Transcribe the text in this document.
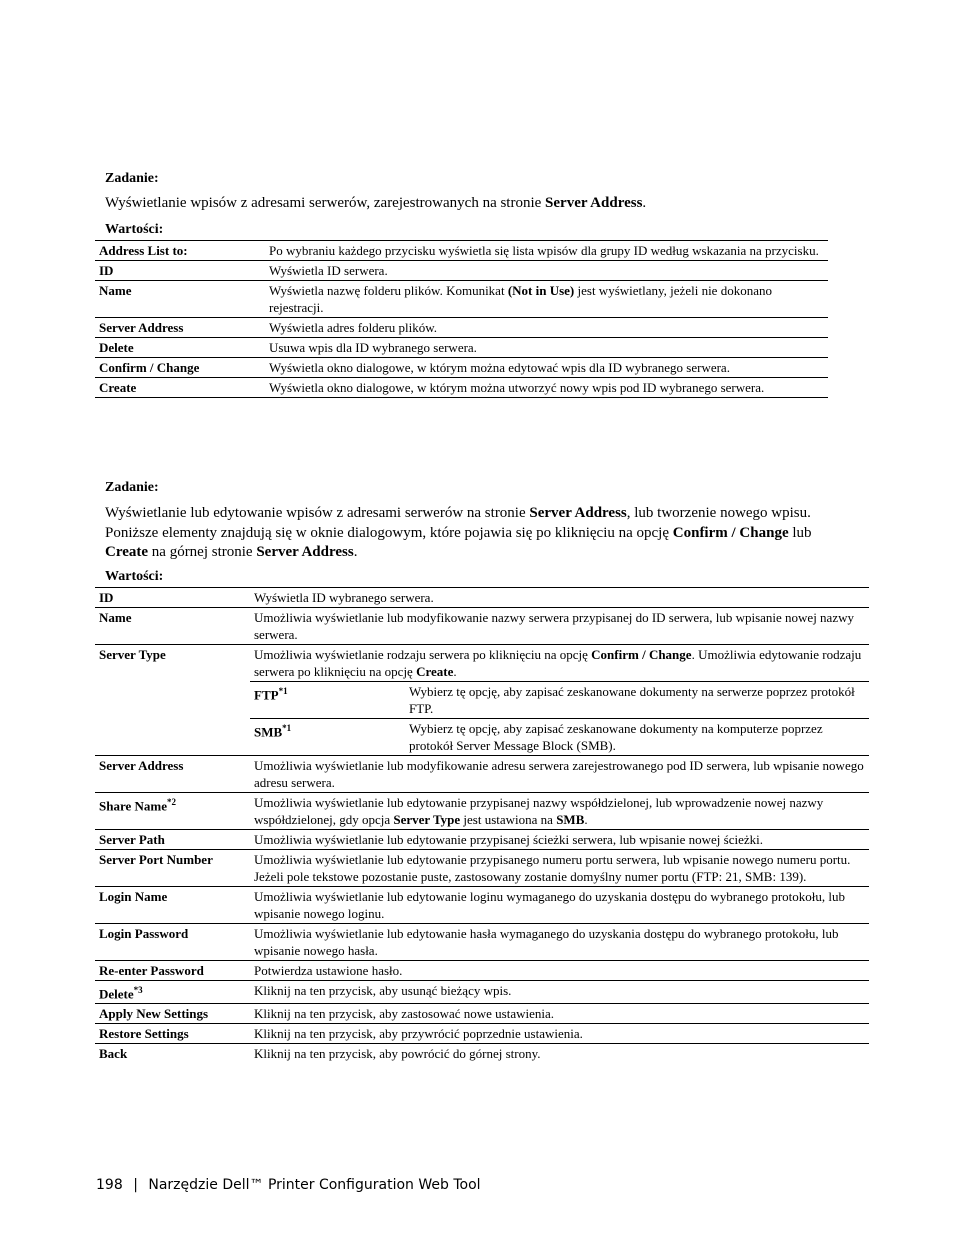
Zadanie:
Wyświetlanie wpisów z adresami serwerów, zarejestrowanych na stronie Server Address.
Wartości:
Address List to:	Po wybraniu każdego przycisku wyświetla się lista wpisów dla grupy ID według wskazania na przycisku.
ID	Wyświetla ID serwera.
Name	Wyświetla nazwę folderu plików. Komunikat (Not in Use) jest wyświetlany, jeżeli nie dokonano rejestracji.
Server Address	Wyświetla adres folderu plików.
Delete	Usuwa wpis dla ID wybranego serwera.
Confirm / Change	Wyświetla okno dialogowe, w którym można edytować wpis dla ID wybranego serwera.
Create	Wyświetla okno dialogowe, w którym można utworzyć nowy wpis pod ID wybranego serwera.
Zadanie:
Wyświetlanie lub edytowanie wpisów z adresami serwerów na stronie Server Address, lub tworzenie nowego wpisu. Poniższe elementy znajdują się w oknie dialogowym, które pojawia się po kliknięciu na opcję Confirm / Change lub Create na górnej stronie Server Address.
Wartości:
ID	Wyświetla ID wybranego serwera.
Name	Umożliwia wyświetlanie lub modyfikowanie nazwy serwera przypisanej do ID serwera, lub wpisanie nowej nazwy serwera.
Server Type	Umożliwia wyświetlanie rodzaju serwera po kliknięciu na opcję Confirm / Change. Umożliwia edytowanie rodzaju serwera po kliknięciu na opcję Create.
FTP$^{*1}$	Wybierz tę opcję, aby zapisać zeskanowane dokumenty na serwerze poprzez protokół FTP.
SMB$^{*1}$	Wybierz tę opcję, aby zapisać zeskanowane dokumenty na komputerze poprzez protokół Server Message Block (SMB).

Server Address	Umożliwia wyświetlanie lub modyfikowanie adresu serwera zarejestrowanego pod ID serwera, lub wpisanie nowego adresu serwera.
Share Name$^{*2}$	Umożliwia wyświetlanie lub edytowanie przypisanej nazwy współdzielonej, lub wprowadzenie nowej nazwy współdzielonej, gdy opcja Server Type jest ustawiona na SMB.
Server Path	Umożliwia wyświetlanie lub edytowanie przypisanej ścieżki serwera, lub wpisanie nowej ścieżki.
Server Port Number	Umożliwia wyświetlanie lub edytowanie przypisanego numeru portu serwera, lub wpisanie nowego numeru portu. Jeżeli pole tekstowe pozostanie puste, zastosowany zostanie domyślny numer portu (FTP: 21, SMB: 139).
Login Name	Umożliwia wyświetlanie lub edytowanie loginu wymaganego do uzyskania dostępu do wybranego protokołu, lub wpisanie nowego loginu.
Login Password	Umożliwia wyświetlanie lub edytowanie hasła wymaganego do uzyskania dostępu do wybranego protokołu, lub wpisanie nowego hasła.
Re-enter Password	Potwierdza ustawione hasło.
Delete$^{*3}$	Kliknij na ten przycisk, aby usunąć bieżący wpis.
Apply New Settings	Kliknij na ten przycisk, aby zastosować nowe ustawienia.
Restore Settings	Kliknij na ten przycisk, aby przywrócić poprzednie ustawienia.
Back	Kliknij na ten przycisk, aby powrócić do górnej strony.
198 | Narzędzie Dell™ Printer Configuration Web Tool
